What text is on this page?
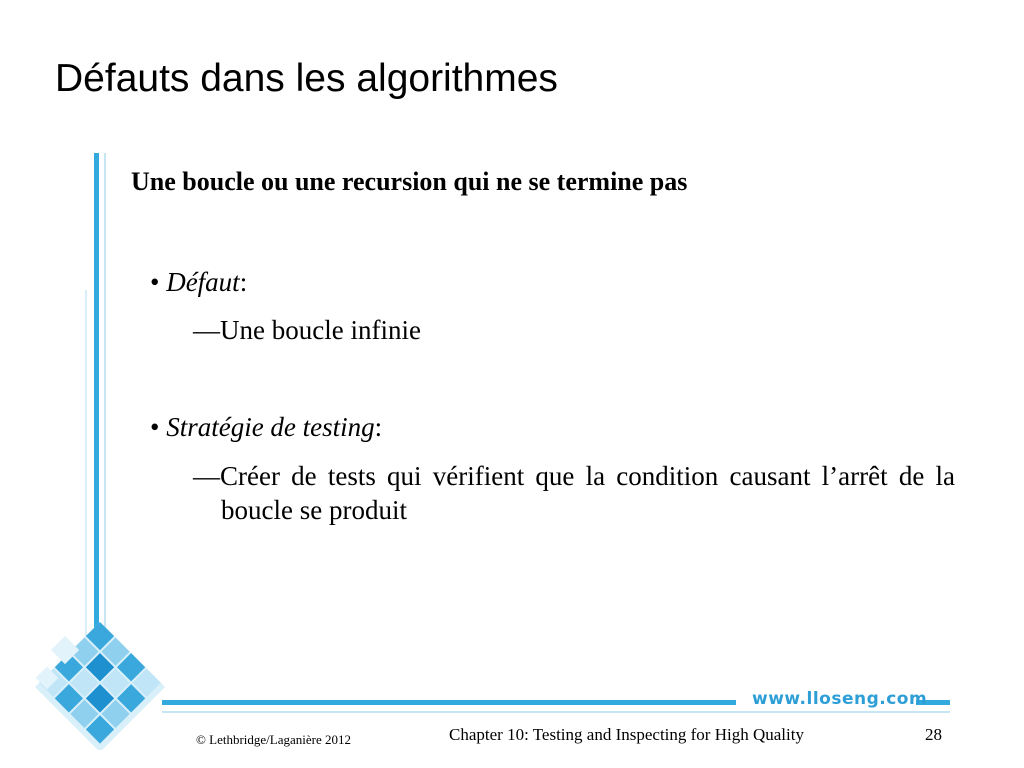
Défauts dans les algorithmes
Une boucle ou une recursion qui ne se termine pas
• Défaut:
—Une boucle infinie
• Stratégie de testing:
—Créer de tests qui vérifient que la condition causant l’arrêt de la boucle se produit
www.lloseng.com
© Lethbridge/Laganière 2012	Chapter 10: Testing and Inspecting for High Quality	28
